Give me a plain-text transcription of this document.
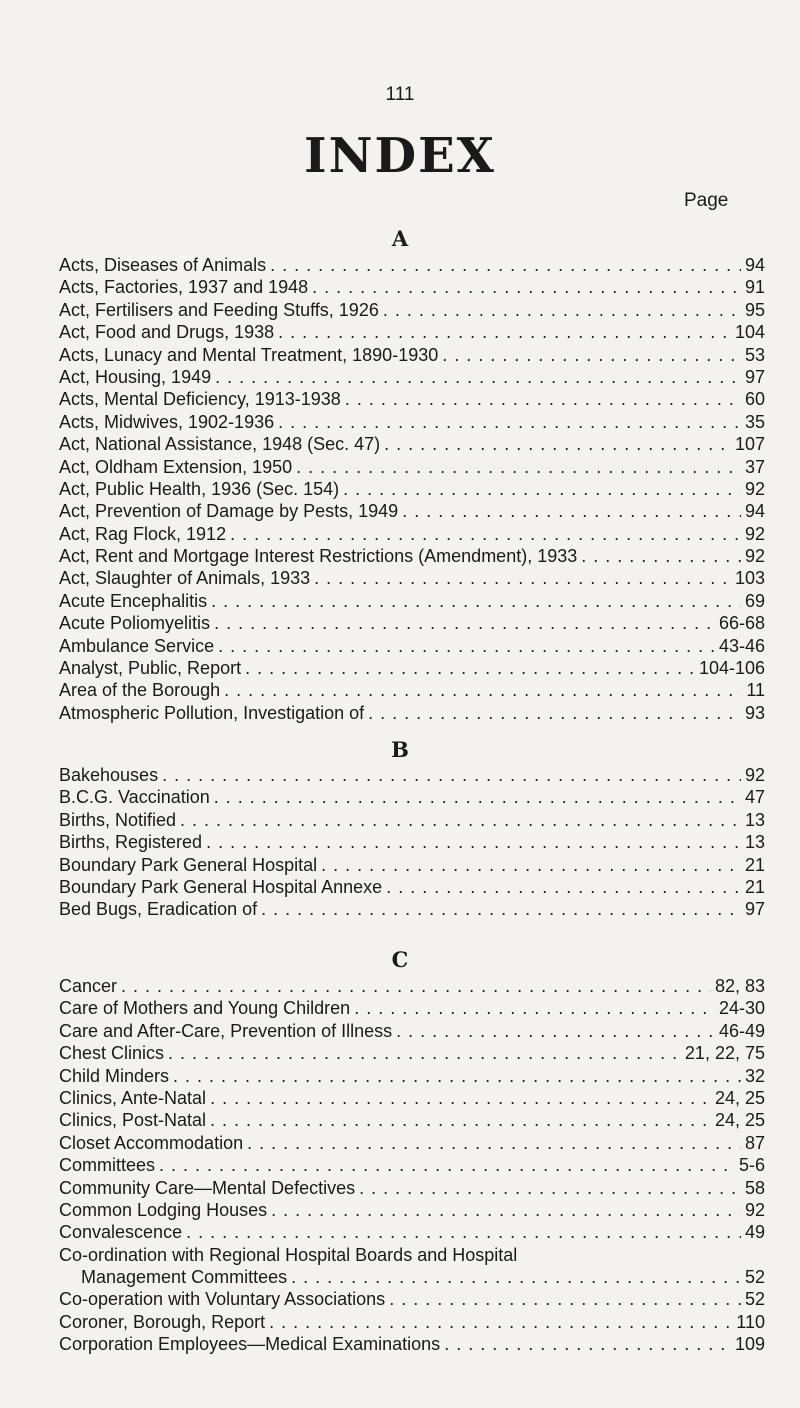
111
INDEX
Page
A
Acts, Diseases of Animals . . .	94
Acts, Factories, 1937 and 1948 . . .	91
Act, Fertilisers and Feeding Stuffs, 1926 . . .	95
Act, Food and Drugs, 1938 . . .	104
Acts, Lunacy and Mental Treatment, 1890-1930 . . .	53
Act, Housing, 1949 . . .	97
Acts, Mental Deficiency, 1913-1938 . . .	60
Acts, Midwives, 1902-1936 . . .	35
Act, National Assistance, 1948 (Sec. 47) . . .	107
Act, Oldham Extension, 1950 . . .	37
Act, Public Health, 1936 (Sec. 154) . . .	92
Act, Prevention of Damage by Pests, 1949 . . .	94
Act, Rag Flock, 1912 . . .	92
Act, Rent and Mortgage Interest Restrictions (Amendment), 1933 . . .	92
Act, Slaughter of Animals, 1933 . . .	103
Acute Encephalitis . . .	69
Acute Poliomyelitis . . .	66-68
Ambulance Service . . .	43-46
Analyst, Public, Report . . .	104-106
Area of the Borough . . .	11
Atmospheric Pollution, Investigation of . . .	93
B
Bakehouses . . .	92
B.C.G. Vaccination . . .	47
Births, Notified . . .	13
Births, Registered . . .	13
Boundary Park General Hospital . . .	21
Boundary Park General Hospital Annexe . . .	21
Bed Bugs, Eradication of . . .	97
C
Cancer . . .	82, 83
Care of Mothers and Young Children . . .	24-30
Care and After-Care, Prevention of Illness . . .	46-49
Chest Clinics . . .	21, 22, 75
Child Minders . . .	32
Clinics, Ante-Natal . . .	24, 25
Clinics, Post-Natal . . .	24, 25
Closet Accommodation . . .	87
Committees . . .	5-6
Community Care—Mental Defectives . . .	58
Common Lodging Houses . . .	92
Convalescence . . .	49
Co-ordination with Regional Hospital Boards and Hospital
Management Committees . . .	52
Co-operation with Voluntary Associations . . .	52
Coroner, Borough, Report . . .	110
Corporation Employees—Medical Examinations . . .	109
